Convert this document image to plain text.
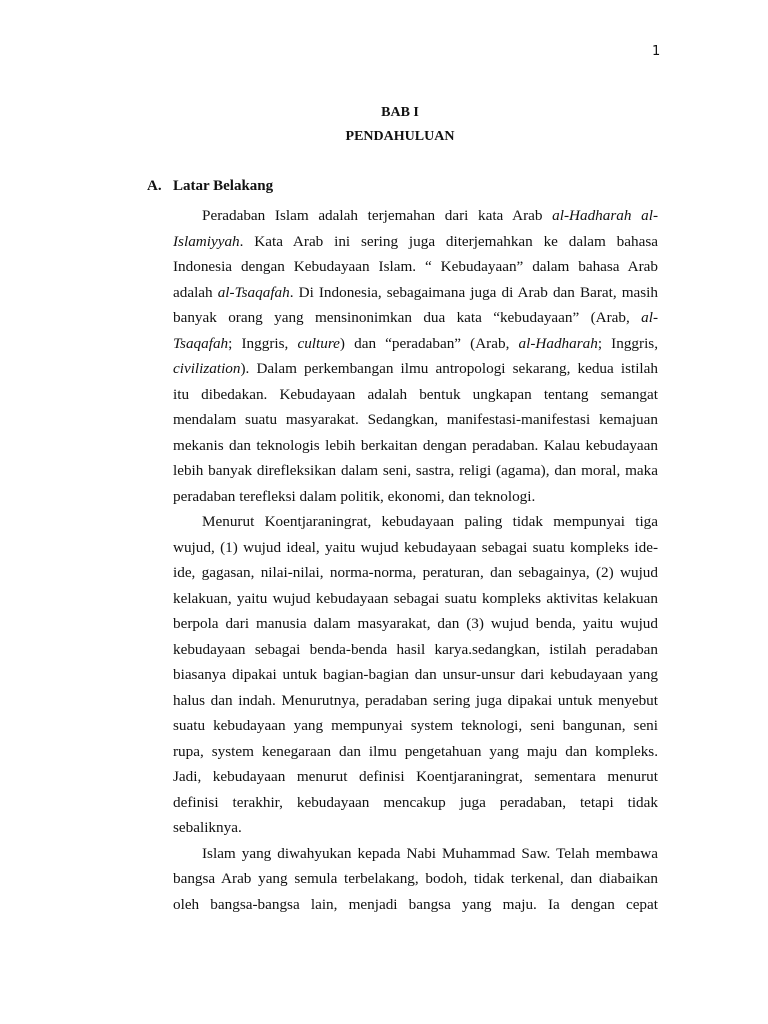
1
BAB I
PENDAHULUAN
A. Latar Belakang
Peradaban Islam adalah terjemahan dari kata Arab al-Hadharah al-
Islamiyyah. Kata Arab ini sering juga diterjemahkan ke dalam bahasa
Indonesia dengan Kebudayaan Islam. “ Kebudayaan” dalam bahasa Arab
adalah al-Tsaqafah. Di Indonesia, sebagaimana juga di Arab dan Barat, masih
banyak orang yang mensinonimkan dua kata “kebudayaan” (Arab, al-
Tsaqafah; Inggris, culture) dan “peradaban” (Arab, al-Hadharah; Inggris,
civilization). Dalam perkembangan ilmu antropologi sekarang, kedua istilah
itu dibedakan. Kebudayaan adalah bentuk ungkapan tentang semangat
mendalam suatu masyarakat. Sedangkan, manifestasi-manifestasi kemajuan
mekanis dan teknologis lebih berkaitan dengan peradaban. Kalau kebudayaan
lebih banyak direfleksikan dalam seni, sastra, religi (agama), dan moral, maka
peradaban terefleksi dalam politik, ekonomi, dan teknologi.
Menurut Koentjaraningrat, kebudayaan paling tidak mempunyai tiga
wujud, (1) wujud ideal, yaitu wujud kebudayaan sebagai suatu kompleks ide-
ide, gagasan, nilai-nilai, norma-norma, peraturan, dan sebagainya, (2) wujud
kelakuan, yaitu wujud kebudayaan sebagai suatu kompleks aktivitas kelakuan
berpola dari manusia dalam masyarakat, dan (3) wujud benda, yaitu wujud
kebudayaan sebagai benda-benda hasil karya.sedangkan, istilah peradaban
biasanya dipakai untuk bagian-bagian dan unsur-unsur dari kebudayaan yang
halus dan indah. Menurutnya, peradaban sering juga dipakai untuk menyebut
suatu kebudayaan yang mempunyai system teknologi, seni bangunan, seni
rupa, system kenegaraan dan ilmu pengetahuan yang maju dan kompleks.
Jadi, kebudayaan menurut definisi Koentjaraningrat, sementara menurut
definisi terakhir, kebudayaan mencakup juga peradaban, tetapi tidak
sebaliknya.
Islam yang diwahyukan kepada Nabi Muhammad Saw. Telah membawa
bangsa Arab yang semula terbelakang, bodoh, tidak terkenal, dan diabaikan
oleh bangsa-bangsa lain, menjadi bangsa yang maju. Ia dengan cepat
